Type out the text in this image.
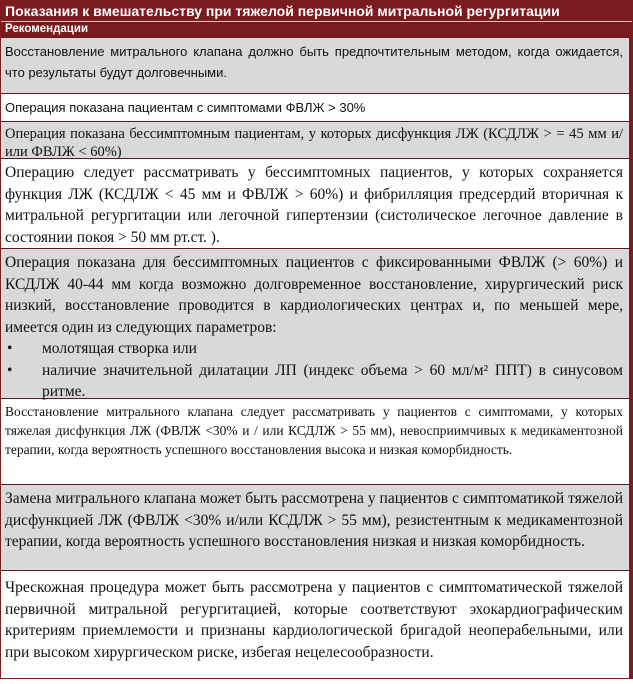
Показания к вмешательству при тяжелой первичной митральной регургитации
Рекомендации
Восстановление митрального клапана должно быть предпочтительным методом, когда ожидается, что результаты будут долговечными.
Операция показана пациентам с симптомами ФВЛЖ > 30%
Операция показана бессимптомным пациентам, у которых дисфункция ЛЖ (КСДЛЖ > = 45 мм и/или ФВЛЖ < 60%)
Операцию следует рассматривать у бессимптомных пациентов, у которых сохраняется функция ЛЖ (КСДЛЖ < 45 мм и ФВЛЖ > 60%) и фибрилляция предсердий вторичная к митральной регургитации или легочной гипертензии (систолическое легочное давление в состоянии покоя > 50 мм рт.ст. ).
Операция показана для бессимптомных пациентов с фиксированными ФВЛЖ (> 60%) и КСДЛЖ 40-44 мм когда возможно долговременное восстановление, хирургический риск низкий, восстановление проводится в кардиологических центрах и, по меньшей мере, имеется один из следующих параметров:
• молотящая створка или
• наличие значительной дилатации ЛП (индекс объема > 60 мл/м² ППТ) в синусовом ритме.
Восстановление митрального клапана следует рассматривать у пациентов с симптомами, у которых тяжелая дисфункция ЛЖ (ФВЛЖ <30% и / или КСДЛЖ > 55 мм), невосприимчивых к медикаментозной терапии, когда вероятность успешного восстановления высока и низкая коморбидность.
Замена митрального клапана может быть рассмотрена у пациентов с симптоматикой тяжелой дисфункцией ЛЖ (ФВЛЖ <30% и/или КСДЛЖ > 55 мм), резистентным к медикаментозной терапии, когда вероятность успешного восстановления низкая и низкая коморбидность.
Чрескожная процедура может быть рассмотрена у пациентов с симптоматической тяжелой первичной митральной регургитацией, которые соответствуют эхокардиографическим критериям приемлемости и признаны кардиологической бригадой неоперабельными, или при высоком хирургическом риске, избегая нецелесообразности.
